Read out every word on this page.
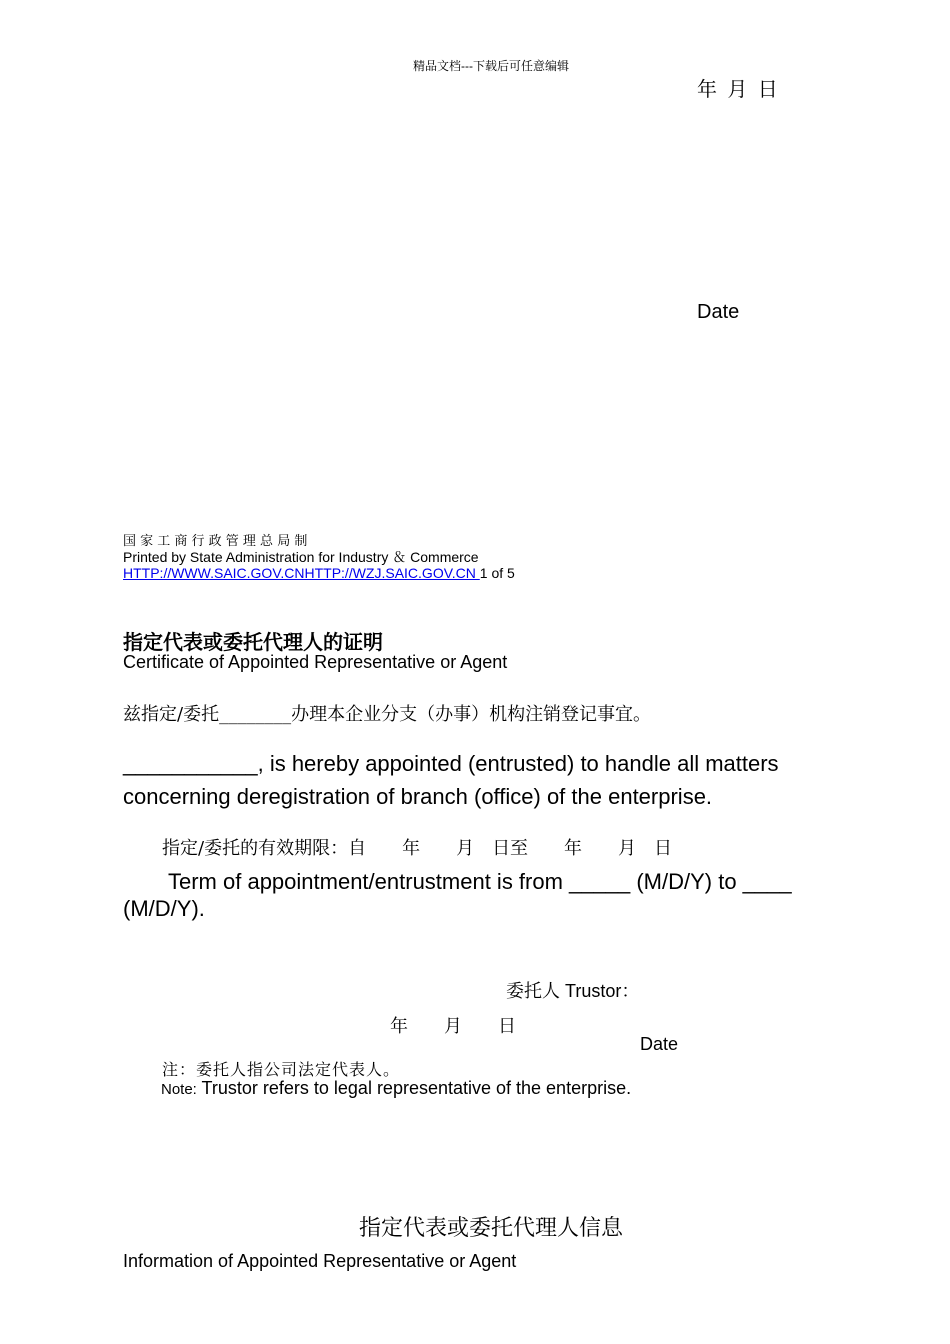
精品文档---下载后可任意编辑
年 月 日
Date
国 家 工 商 行 政 管 理 总 局 制
Printed by State Administration for Industry ＆ Commerce
HTTP://WWW.SAIC.GOV.CNHTTP://WZJ.SAIC.GOV.CN 1 of 5
指定代表或委托代理人的证明
Certificate of Appointed Representative or Agent
兹指定/委托________办理本企业分支（办事）机构注销登记事宜。
___________, is hereby appointed (entrusted) to handle all matters
concerning deregistration of branch (office) of the enterprise.
指定/委托的有效期限：自　　年　　月　日至　　年　　月　日
Term of appointment/entrustment is from _____ (M/D/Y) to ____
(M/D/Y).
委托人 Trustor：
年　　月　　日
Date
注：委托人指公司法定代表人。
Note: Trustor refers to legal representative of the enterprise.
指定代表或委托代理人信息
Information of Appointed Representative or Agent
